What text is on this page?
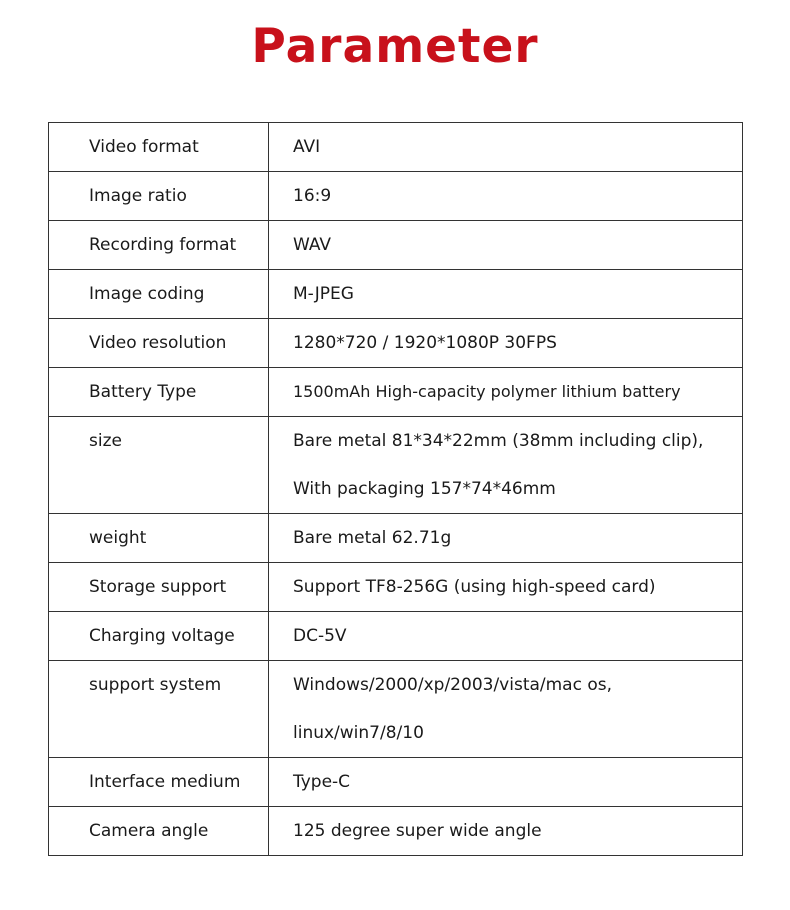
Parameter
Video format	AVI
Image ratio	16:9
Recording format	WAV
Image coding	M-JPEG
Video resolution	1280*720 / 1920*1080P 30FPS
Battery Type	1500mAh High-capacity polymer lithium battery
size	Bare metal 81*34*22mm (38mm including clip),
With packaging 157*74*46mm

weight	Bare metal 62.71g
Storage support	Support TF8-256G (using high-speed card)
Charging voltage	DC-5V
support system	Windows/2000/xp/2003/vista/mac os,
linux/win7/8/10

Interface medium	Type-C
Camera angle	125 degree super wide angle
